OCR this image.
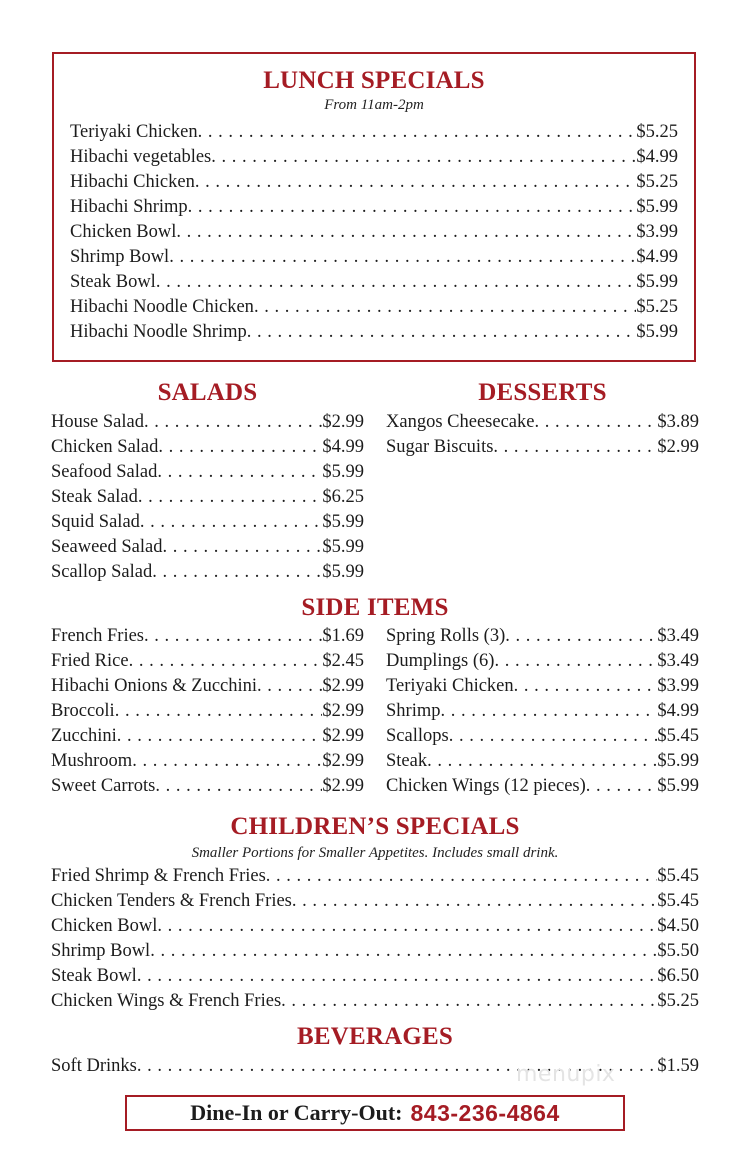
LUNCH SPECIALS

From 11am-2pm

Teriyaki Chicken . . .	$5.25
Hibachi vegetables . . .	$4.99
Hibachi Chicken . . .	$5.25
Hibachi Shrimp . . .	$5.99
Chicken Bowl . . .	$3.99
Shrimp Bowl . . .	$4.99
Steak Bowl . . .	$5.99
Hibachi Noodle Chicken . . .	$5.25
Hibachi Noodle Shrimp . . .	$5.99
SALADS
House Salad . . .	$2.99
Chicken Salad . . .	$4.99
Seafood Salad . . .	$5.99
Steak Salad . . .	$6.25
Squid Salad . . .	$5.99
Seaweed Salad . . .	$5.99
Scallop Salad . . .	$5.99
DESSERTS
Xangos Cheesecake . . .	$3.89
Sugar Biscuits . . .	$2.99
SIDE ITEMS
French Fries . . .	$1.69
Fried Rice . . .	$2.45
Hibachi Onions & Zucchini . . .	$2.99
Broccoli . . .	$2.99
Zucchini . . .	$2.99
Mushroom . . .	$2.99
Sweet Carrots . . .	$2.99
Spring Rolls (3) . . .	$3.49
Dumplings (6) . . .	$3.49
Teriyaki Chicken . . .	$3.99
Shrimp . . .	$4.99
Scallops . . .	$5.45
Steak . . .	$5.99
Chicken Wings (12 pieces) . . .	$5.99
CHILDREN’S SPECIALS

Smaller Portions for Smaller Appetites. Includes small drink.

Fried Shrimp & French Fries . . .	$5.45
Chicken Tenders & French Fries . . .	$5.45
Chicken Bowl . . .	$4.50
Shrimp Bowl . . .	$5.50
Steak Bowl . . .	$6.50
Chicken Wings & French Fries . . .	$5.25
BEVERAGES
Soft Drinks . . .	$1.59
menupix
Dine-In or Carry-Out: 843-236-4864
